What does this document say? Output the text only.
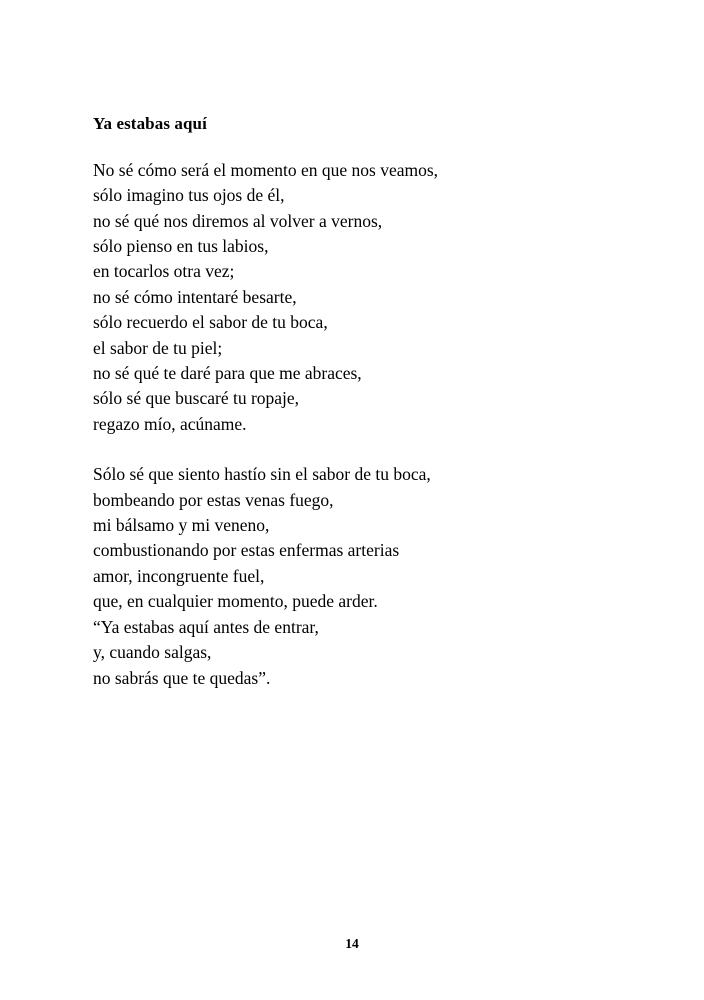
Ya estabas aquí
No sé cómo será el momento en que nos veamos,
sólo imagino tus ojos de él,
no sé qué nos diremos al volver a vernos,
sólo pienso en tus labios,
en tocarlos otra vez;
no sé cómo intentaré besarte,
sólo recuerdo el sabor de tu boca,
el sabor de tu piel;
no sé qué te daré para que me abraces,
sólo sé que buscaré tu ropaje,
regazo mío, acúname.
Sólo sé que siento hastío sin el sabor de tu boca,
bombeando por estas venas fuego,
mi bálsamo y mi veneno,
combustionando por estas enfermas arterias
amor, incongruente fuel,
que, en cualquier momento, puede arder.
“Ya estabas aquí antes de entrar,
y, cuando salgas,
no sabrás que te quedas”.
14
